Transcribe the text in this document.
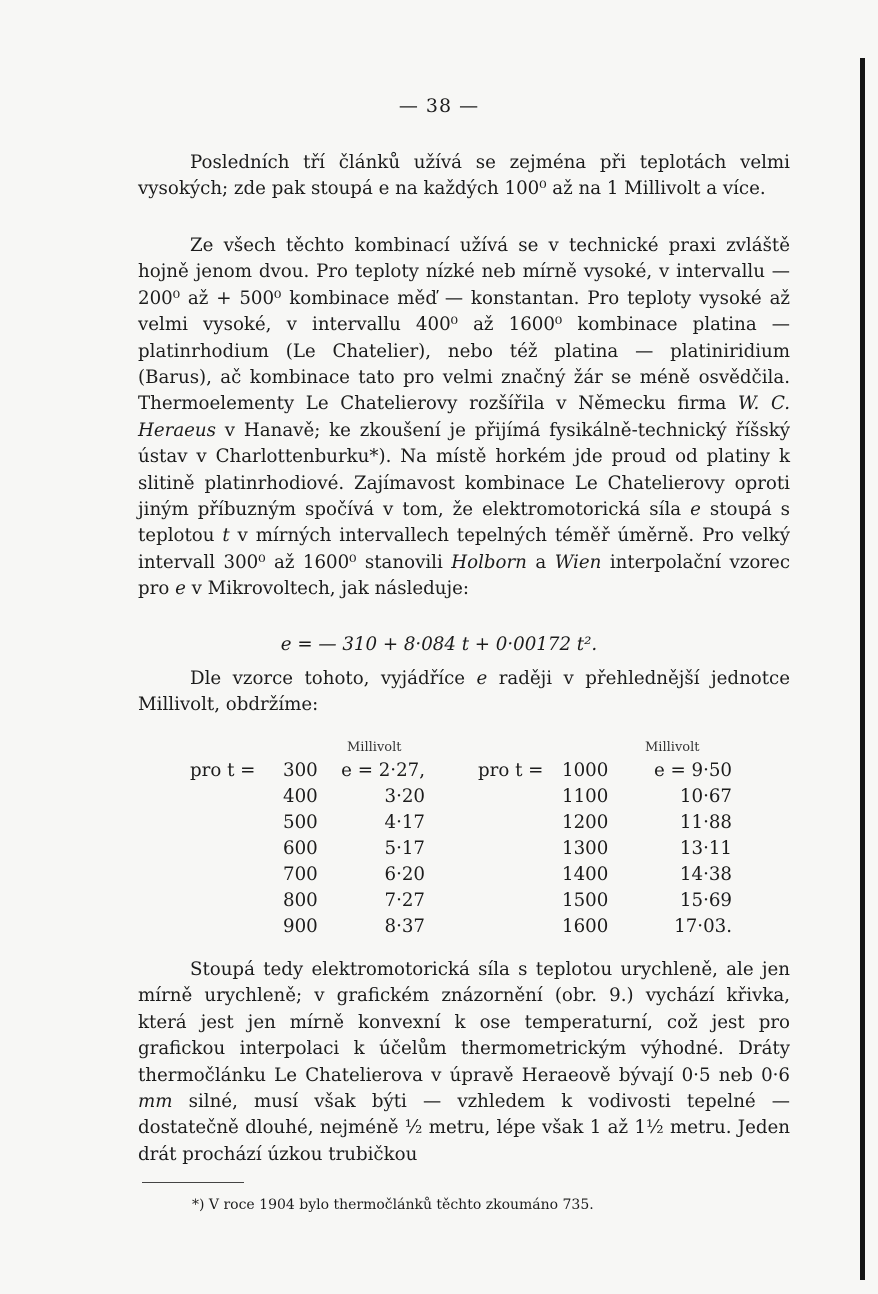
— 38 —

Posledních tří článků užívá se zejména při teplotách velmi vysokých; zde pak stoupá e na každých 100⁰ až na 1 Millivolt a více.

Ze všech těchto kombinací užívá se v technické praxi zvláště hojně jenom dvou. Pro teploty nízké neb mírně vysoké, v intervallu — 200⁰ až + 500⁰ kombinace měď — konstantan. Pro teploty vysoké až velmi vysoké, v intervallu 400⁰ až 1600⁰ kombinace platina — platinrhodium (Le Chatelier), nebo též platina — platiniridium (Barus), ač kombinace tato pro velmi značný žár se méně osvědčila. Thermoelementy Le Chatelierovy rozšířila v Německu firma W. C. Heraeus v Hanavě; ke zkoušení je přijímá fysikálně-technický říšský ústav v Charlottenburku*). Na místě horkém jde proud od platiny k slitině platinrhodiové. Zajímavost kombinace Le Chatelierovy oproti jiným příbuzným spočívá v tom, že elektromotorická síla e stoupá s teplotou t v mírných intervallech tepelných téměř úměrně. Pro velký intervall 300⁰ až 1600⁰ stanovili Holborn a Wien interpolační vzorec pro e v Mikrovoltech, jak následuje:

e = — 310 + 8·084 t + 0·00172 t².

Dle vzorce tohoto, vyjádříce e raději v přehlednější jednotce Millivolt, obdržíme:

Millivolt	Millivolt
pro t = 300	e = 2·27,	pro t = 1000	e = 9·50
400	3·20	1100	10·67
500	4·17	1200	11·88
600	5·17	1300	13·11
700	6·20	1400	14·38
800	7·27	1500	15·69
900	8·37	1600	17·03.

Stoupá tedy elektromotorická síla s teplotou urychleně, ale jen mírně urychleně; v grafickém znázornění (obr. 9.) vychází křivka, která jest jen mírně konvexní k ose temperaturní, což jest pro grafickou interpolaci k účelům thermometrickým výhodné. Dráty thermočlánku Le Chatelierova v úpravě Heraeově bývají 0·5 neb 0·6 mm silné, musí však býti — vzhledem k vodivosti tepelné — dostatečně dlouhé, nejméně ½ metru, lépe však 1 až 1½ metru. Jeden drát prochází úzkou trubičkou

*) V roce 1904 bylo thermočlánků těchto zkoumáno 735.
